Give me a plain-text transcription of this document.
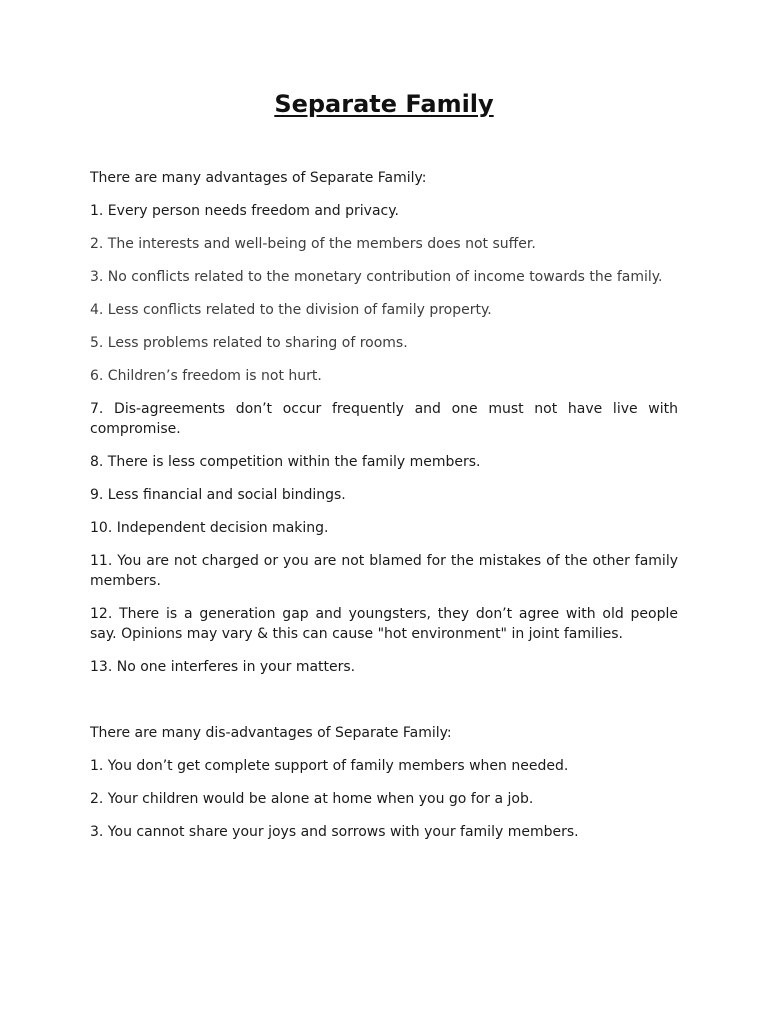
Separate Family

There are many advantages of Separate Family:

1. Every person needs freedom and privacy.

2. The interests and well-being of the members does not suffer.

3. No conflicts related to the monetary contribution of income towards the family.

4. Less conflicts related to the division of family property.

5. Less problems related to sharing of rooms.

6. Children’s freedom is not hurt.

7. Dis-agreements don’t occur frequently and one must not have live with compromise.

8. There is less competition within the family members.

9. Less financial and social bindings.

10. Independent decision making.

11. You are not charged or you are not blamed for the mistakes of the other family members.

12. There is a generation gap and youngsters, they don’t agree with old people say. Opinions may vary & this can cause "hot environment" in joint families.

13. No one interferes in your matters.

There are many dis-advantages of Separate Family:

1. You don’t get complete support of family members when needed.

2. Your children would be alone at home when you go for a job.

3. You cannot share your joys and sorrows with your family members.
